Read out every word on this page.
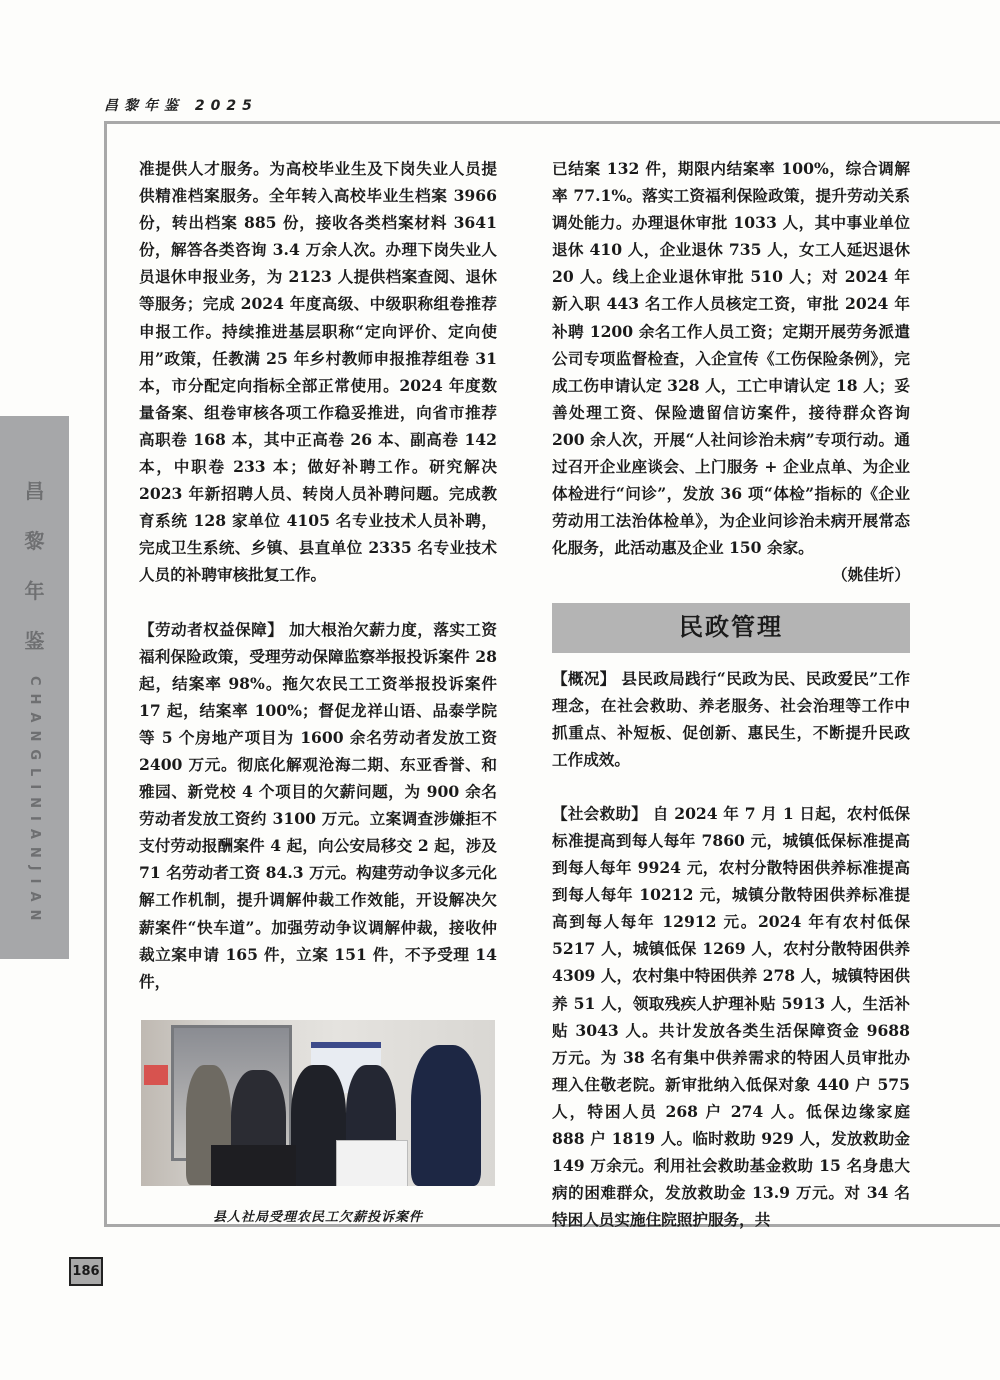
昌黎年鉴 2025
昌
黎
年
鉴
CHANGLINIANJIAN
186

准提供人才服务。为高校毕业生及下岗失业人员提供精准档案服务。全年转入高校毕业生档案 3966 份，转出档案 885 份，接收各类档案材料 3641 份，解答各类咨询 3.4 万余人次。办理下岗失业人员退休申报业务，为 2123 人提供档案查阅、退休等服务；完成 2024 年度高级、中级职称组卷推荐申报工作。持续推进基层职称“定向评价、定向使用”政策，任教满 25 年乡村教师申报推荐组卷 31 本，市分配定向指标全部正常使用。2024 年度数量备案、组卷审核各项工作稳妥推进，向省市推荐高职卷 168 本，其中正高卷 26 本、副高卷 142 本，中职卷 233 本；做好补聘工作。研究解决 2023 年新招聘人员、转岗人员补聘问题。完成教育系统 128 家单位 4105 名专业技术人员补聘，完成卫生系统、乡镇、县直单位 2335 名专业技术人员的补聘审核批复工作。

【劳动者权益保障】 加大根治欠薪力度，落实工资福利保险政策，受理劳动保障监察举报投诉案件 28 起，结案率 98%。拖欠农民工工资举报投诉案件 17 起，结案率 100%；督促龙祥山语、品泰学院等 5 个房地产项目为 1600 余名劳动者发放工资 2400 万元。彻底化解观沧海二期、东亚香誉、和雅园、新党校 4 个项目的欠薪问题，为 900 余名劳动者发放工资约 3100 万元。立案调查涉嫌拒不支付劳动报酬案件 4 起，向公安局移交 2 起，涉及 71 名劳动者工资 84.3 万元。构建劳动争议多元化解工作机制，提升调解仲裁工作效能，开设解决欠薪案件“快车道”。加强劳动争议调解仲裁，接收仲裁立案申请 165 件，立案 151 件，不予受理 14 件，

县人社局受理农民工欠薪投诉案件

已结案 132 件，期限内结案率 100%，综合调解率 77.1%。落实工资福利保险政策，提升劳动关系调处能力。办理退休审批 1033 人，其中事业单位退休 410 人，企业退休 735 人，女工人延迟退休 20 人。线上企业退休审批 510 人；对 2024 年新入职 443 名工作人员核定工资，审批 2024 年补聘 1200 余名工作人员工资；定期开展劳务派遣公司专项监督检查，入企宣传《工伤保险条例》，完成工伤申请认定 328 人，工亡申请认定 18 人；妥善处理工资、保险遗留信访案件，接待群众咨询 200 余人次，开展“人社问诊治未病”专项行动。通过召开企业座谈会、上门服务 + 企业点单、为企业体检进行“问诊”，发放 36 项“体检”指标的《企业劳动用工法治体检单》，为企业问诊治未病开展常态化服务，此活动惠及企业 150 余家。

（姚佳圻）
民政管理

【概况】 县民政局践行“民政为民、民政爱民”工作理念，在社会救助、养老服务、社会治理等工作中抓重点、补短板、促创新、惠民生，不断提升民政工作成效。

【社会救助】 自 2024 年 7 月 1 日起，农村低保标准提高到每人每年 7860 元，城镇低保标准提高到每人每年 9924 元，农村分散特困供养标准提高到每人每年 10212 元，城镇分散特困供养标准提高到每人每年 12912 元。2024 年有农村低保 5217 人，城镇低保 1269 人，农村分散特困供养 4309 人，农村集中特困供养 278 人，城镇特困供养 51 人，领取残疾人护理补贴 5913 人，生活补贴 3043 人。共计发放各类生活保障资金 9688 万元。为 38 名有集中供养需求的特困人员审批办理入住敬老院。新审批纳入低保对象 440 户 575 人，特困人员 268 户 274 人。低保边缘家庭 888 户 1819 人。临时救助 929 人，发放救助金 149 万余元。利用社会救助基金救助 15 名身患大病的困难群众，发放救助金 13.9 万元。对 34 名特困人员实施住院照护服务，共
